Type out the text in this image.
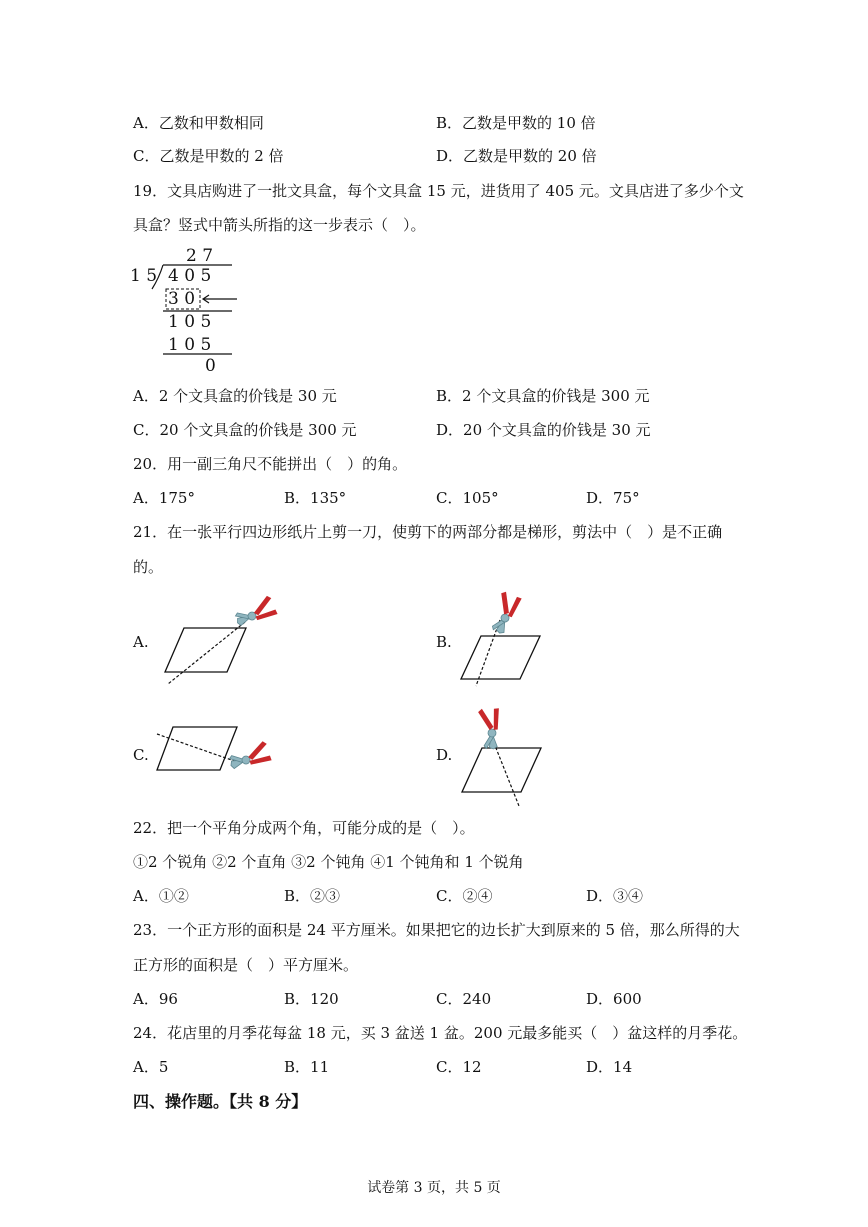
A．乙数和甲数相同	B．乙数是甲数的 10 倍
C．乙数是甲数的 2 倍	D．乙数是甲数的 20 倍
19．文具店购进了一批文具盒，每个文具盒 15 元，进货用了 405 元。文具店进了多少个文
具盒？竖式中箭头所指的这一步表示（　）。
2 7
1 5 4 0 5
3 0
1 0 5
1 0 5
0
A．2 个文具盒的价钱是 30 元	B．2 个文具盒的价钱是 300 元
C．20 个文具盒的价钱是 300 元	D．20 个文具盒的价钱是 30 元
20．用一副三角尺不能拼出（　）的角。
A．175°	B．135°	C．105°	D．75°
21．在一张平行四边形纸片上剪一刀，使剪下的两部分都是梯形，剪法中（　）是不正确
的。
A.	B.
C.	D.
22．把一个平角分成两个角，可能分成的是（　）。
①2 个锐角 ②2 个直角 ③2 个钝角 ④1 个钝角和 1 个锐角
A．①②	B．②③	C．②④	D．③④
23．一个正方形的面积是 24 平方厘米。如果把它的边长扩大到原来的 5 倍，那么所得的大
正方形的面积是（　）平方厘米。
A．96	B．120	C．240	D．600
24．花店里的月季花每盆 18 元，买 3 盆送 1 盆。200 元最多能买（　）盆这样的月季花。
A．5	B．11	C．12	D．14
四、操作题。【共 8 分】
试卷第 3 页，共 5 页
